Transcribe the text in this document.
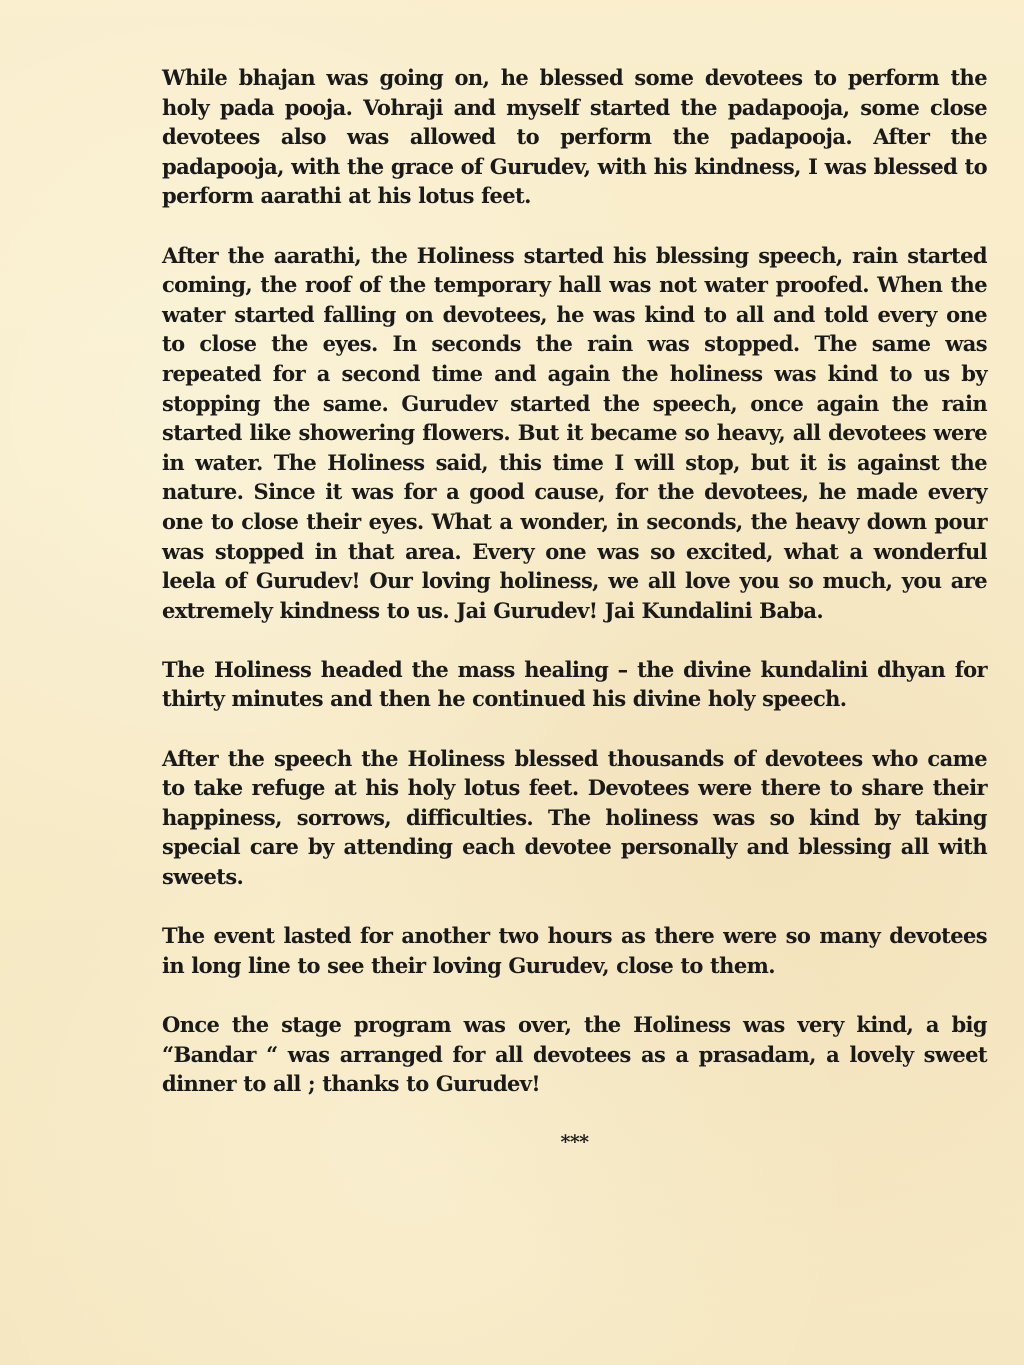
While bhajan was going on, he blessed some devotees to perform the holy pada pooja. Vohraji and myself started the padapooja, some close devotees also was allowed to perform the padapooja. After the padapooja, with the grace of Gurudev, with his kindness, I was blessed to perform aarathi at his lotus feet.

After the aarathi, the Holiness started his blessing speech, rain started coming, the roof of the temporary hall was not water proofed. When the water started falling on devotees, he was kind to all and told every one to close the eyes. In seconds the rain was stopped. The same was repeated for a second time and again the holiness was kind to us by stopping the same. Gurudev started the speech, once again the rain started like showering flowers. But it became so heavy, all devotees were in water. The Holiness said, this time I will stop, but it is against the nature. Since it was for a good cause, for the devotees, he made every one to close their eyes. What a wonder, in seconds, the heavy down pour was stopped in that area. Every one was so excited, what a wonderful leela of Gurudev! Our loving holiness, we all love you so much, you are extremely kindness to us. Jai Gurudev! Jai Kundalini Baba.

The Holiness headed the mass healing – the divine kundalini dhyan for thirty minutes and then he continued his divine holy speech.

After the speech the Holiness blessed thousands of devotees who came to take refuge at his holy lotus feet. Devotees were there to share their happiness, sorrows, difficulties. The holiness was so kind by taking special care by attending each devotee personally and blessing all with sweets.

The event lasted for another two hours as there were so many devotees in long line to see their loving Gurudev, close to them.

Once the stage program was over, the Holiness was very kind, a big “Bandar “ was arranged for all devotees as a prasadam, a lovely sweet dinner to all ; thanks to Gurudev!

***
